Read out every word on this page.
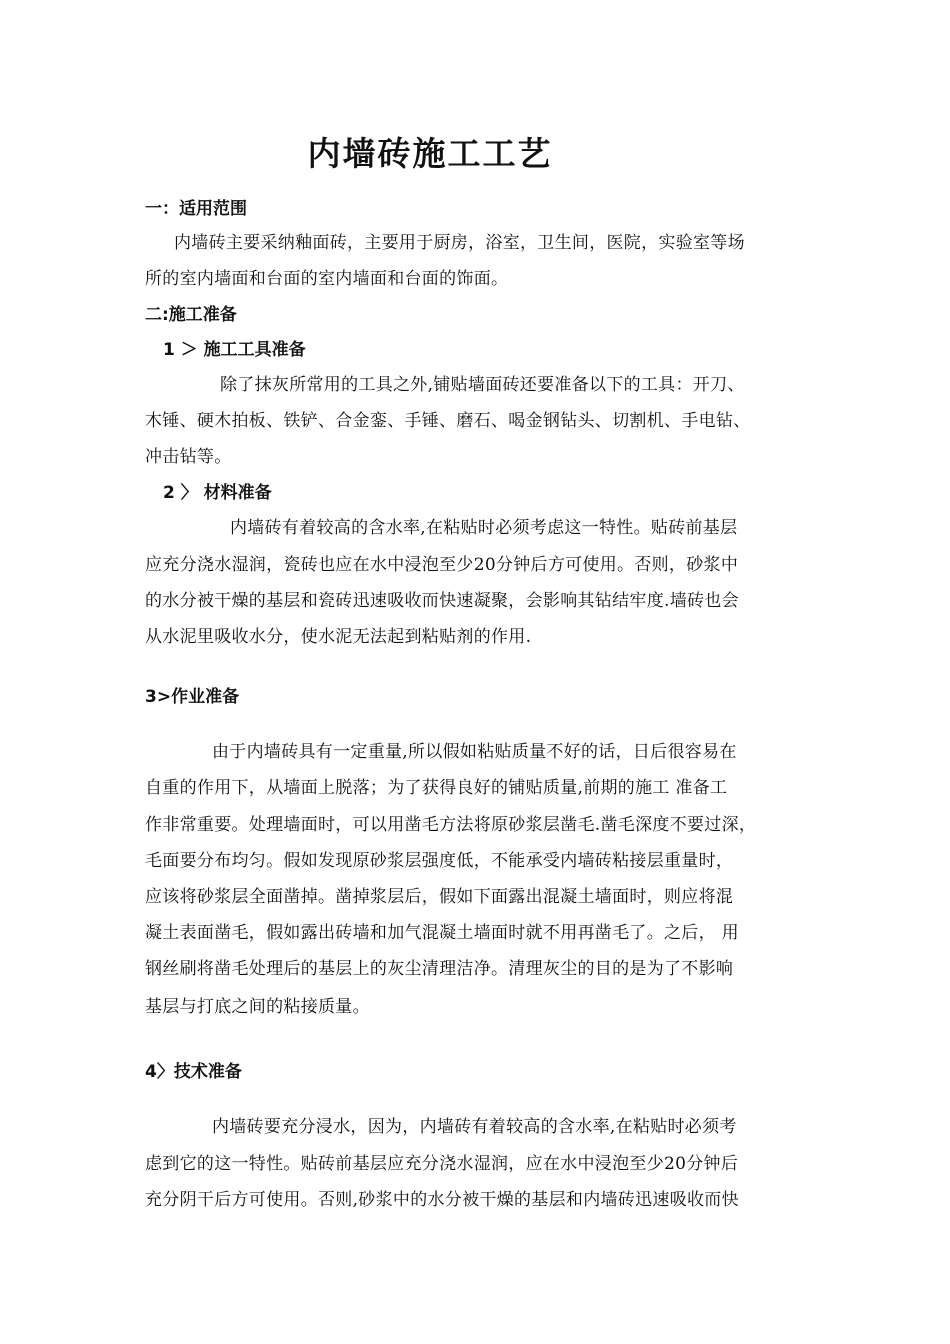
内墙砖施工工艺
一：适用范围
内墙砖主要采纳釉面砖，主要用于厨房，浴室，卫生间，医院，实验室等场
所的室内墙面和台面的室内墙面和台面的饰面。
二:施工准备
1 ＞ 施工工具准备
除了抹灰所常用的工具之外,铺贴墙面砖还要准备以下的工具：开刀、
木锤、硬木拍板、铁铲、合金銮、手锤、磨石、喝金钢钻头、切割机、手电钻、
冲击钻等。
2 〉 材料准备
内墙砖有着较高的含水率,在粘贴时必须考虑这一特性。贴砖前基层
应充分浇水湿润，瓷砖也应在水中浸泡至少20分钟后方可使用。否则，砂浆中
的水分被干燥的基层和瓷砖迅速吸收而快速凝聚，会影响其钻结牢度.墙砖也会
从水泥里吸收水分，使水泥无法起到粘贴剂的作用.
3>作业准备
由于内墙砖具有一定重量,所以假如粘贴质量不好的话，日后很容易在
自重的作用下，从墙面上脱落；为了获得良好的铺贴质量,前期的施工 准备工
作非常重要。处理墙面时，可以用凿毛方法将原砂浆层凿毛.凿毛深度不要过深，
毛面要分布均匀。假如发现原砂浆层强度低，不能承受内墙砖粘接层重量时，
应该将砂浆层全面凿掉。凿掉浆层后，假如下面露出混凝土墙面时，则应将混
凝土表面凿毛，假如露出砖墙和加气混凝土墙面时就不用再凿毛了。之后， 用
钢丝刷将凿毛处理后的基层上的灰尘清理洁净。清理灰尘的目的是为了不影响
基层与打底之间的粘接质量。
4〉技术准备
内墙砖要充分浸水，因为，内墙砖有着较高的含水率,在粘贴时必须考
虑到它的这一特性。贴砖前基层应充分浇水湿润，应在水中浸泡至少20分钟后
充分阴干后方可使用。否则,砂浆中的水分被干燥的基层和内墙砖迅速吸收而快
